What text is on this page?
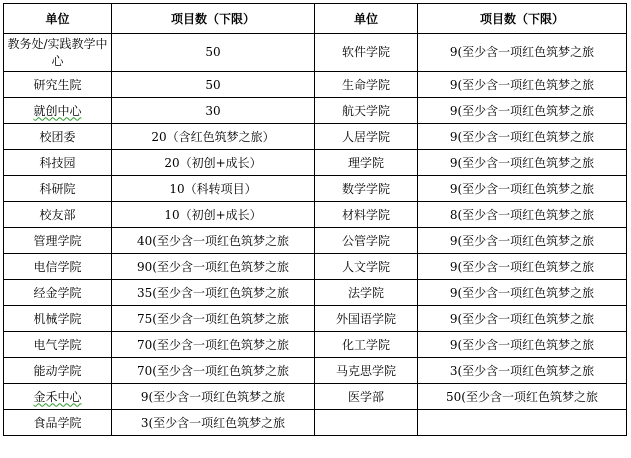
单位	项目数（下限）	单位	项目数（下限）
教务处/实践教学中心	50	软件学院	9(至少含一项红色筑梦之旅
研究生院	50	生命学院	9(至少含一项红色筑梦之旅
就创中心	30	航天学院	9(至少含一项红色筑梦之旅
校团委	20（含红色筑梦之旅）	人居学院	9(至少含一项红色筑梦之旅
科技园	20（初创+成长）	理学院	9(至少含一项红色筑梦之旅
科研院	10（科转项目）	数学学院	9(至少含一项红色筑梦之旅
校友部	10（初创+成长）	材料学院	8(至少含一项红色筑梦之旅
管理学院	40(至少含一项红色筑梦之旅	公管学院	9(至少含一项红色筑梦之旅
电信学院	90(至少含一项红色筑梦之旅	人文学院	9(至少含一项红色筑梦之旅
经金学院	35(至少含一项红色筑梦之旅	法学院	9(至少含一项红色筑梦之旅
机械学院	75(至少含一项红色筑梦之旅	外国语学院	9(至少含一项红色筑梦之旅
电气学院	70(至少含一项红色筑梦之旅	化工学院	9(至少含一项红色筑梦之旅
能动学院	70(至少含一项红色筑梦之旅	马克思学院	3(至少含一项红色筑梦之旅
金禾中心	9(至少含一项红色筑梦之旅	医学部	50(至少含一项红色筑梦之旅
食品学院	3(至少含一项红色筑梦之旅		
